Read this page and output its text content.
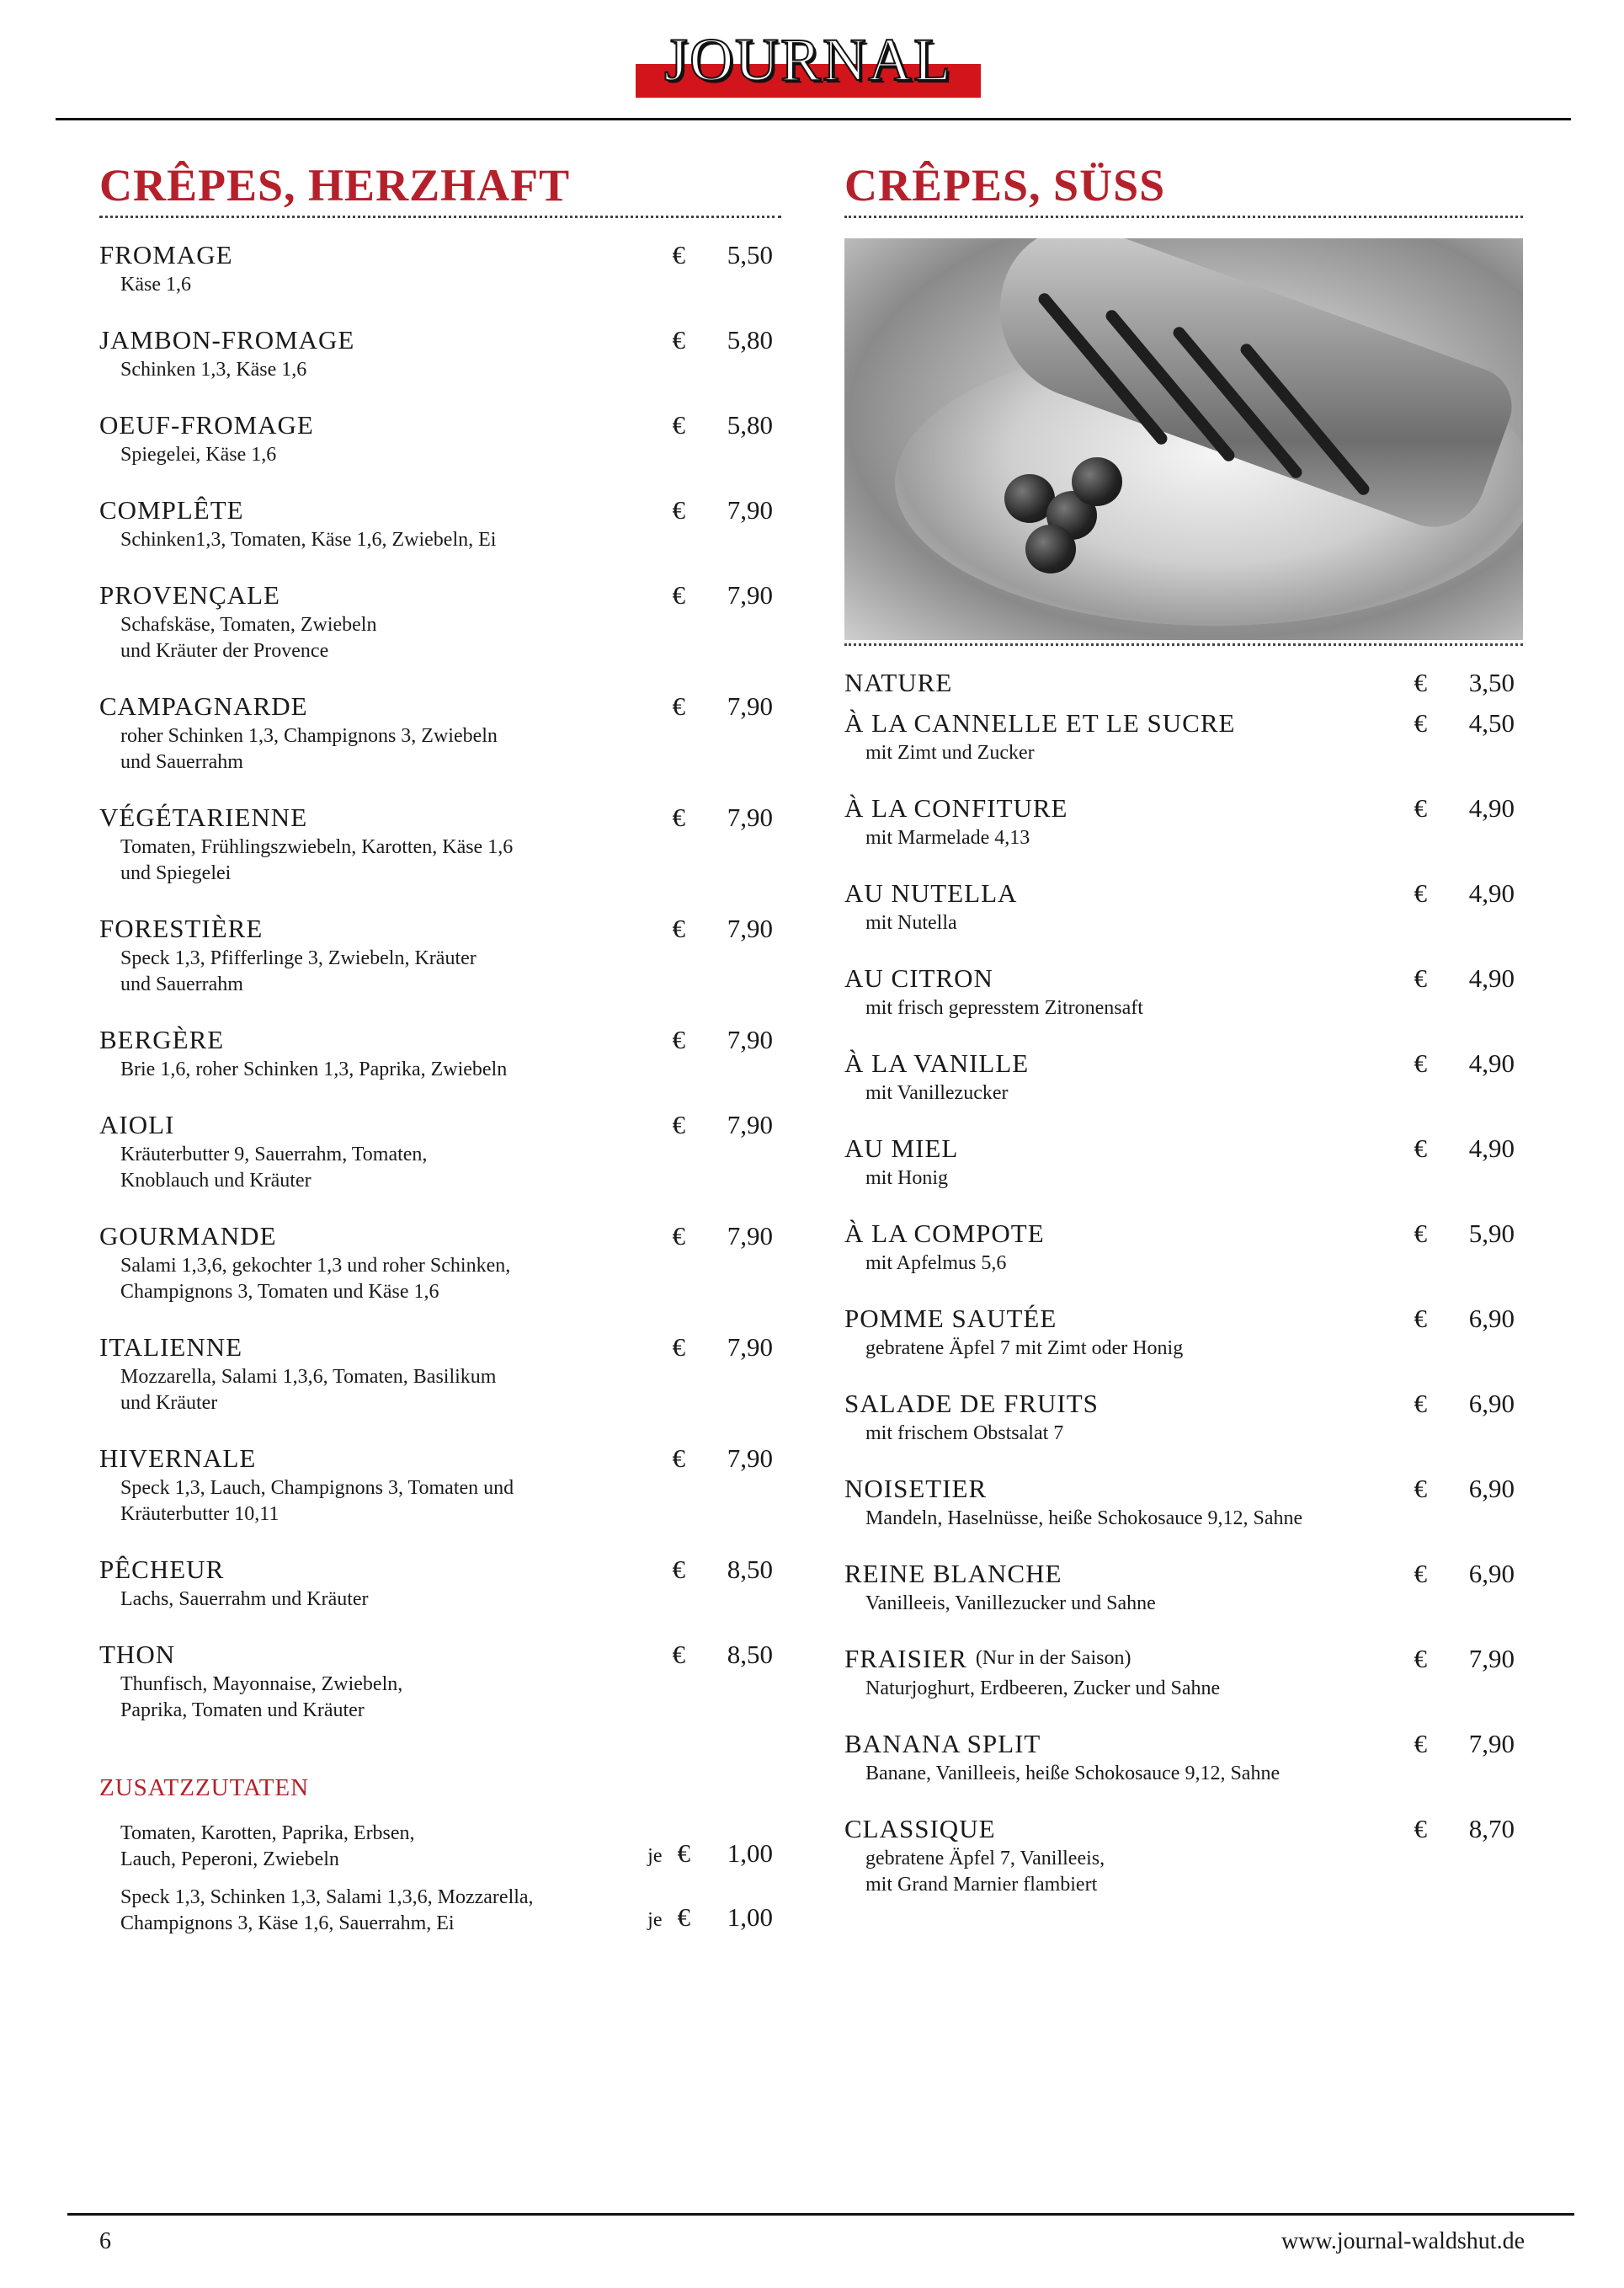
JOURNAL
CRÊPES, HERZHAFT
FROMAGE
Käse 1,6
€	5,50
JAMBON-FROMAGE
Schinken 1,3, Käse 1,6
€	5,80
OEUF-FROMAGE
Spiegelei, Käse 1,6
€	5,80
COMPLÊTE
Schinken1,3, Tomaten, Käse 1,6, Zwiebeln, Ei
€	7,90
PROVENÇALE
Schafskäse, Tomaten, Zwiebeln
und Kräuter der Provence
€	7,90
CAMPAGNARDE
roher Schinken 1,3, Champignons 3, Zwiebeln
und Sauerrahm
€	7,90
VÉGÉTARIENNE
Tomaten, Frühlingszwiebeln, Karotten, Käse 1,6
und Spiegelei
€	7,90
FORESTIÈRE
Speck 1,3, Pfifferlinge 3, Zwiebeln, Kräuter
und Sauerrahm
€	7,90
BERGÈRE
Brie 1,6, roher Schinken 1,3, Paprika, Zwiebeln
€	7,90
AIOLI
Kräuterbutter 9, Sauerrahm, Tomaten,
Knoblauch und Kräuter
€	7,90
GOURMANDE
Salami 1,3,6, gekochter 1,3 und roher Schinken,
Champignons 3, Tomaten und Käse 1,6
€	7,90
ITALIENNE
Mozzarella, Salami 1,3,6, Tomaten, Basilikum
und Kräuter
€	7,90
HIVERNALE
Speck 1,3, Lauch, Champignons 3, Tomaten und
Kräuterbutter 10,11
€	7,90
PÊCHEUR
Lachs, Sauerrahm und Kräuter
€	8,50
THON
Thunfisch, Mayonnaise, Zwiebeln,
Paprika, Tomaten und Kräuter
€	8,50
ZUSATZZUTATEN
Tomaten, Karotten, Paprika, Erbsen,
Lauch, Peperoni, Zwiebeln	je €	1,00
Speck 1,3, Schinken 1,3, Salami 1,3,6, Mozzarella,
Champignons 3, Käse 1,6, Sauerrahm, Ei	je €	1,00
CRÊPES, SÜSS
NATURE	€	3,50
À LA CANNELLE ET LE SUCRE
mit Zimt und Zucker
€	4,50
À LA CONFITURE
mit Marmelade 4,13
€	4,90
AU NUTELLA
mit Nutella
€	4,90
AU CITRON
mit frisch gepresstem Zitronensaft
€	4,90
À LA VANILLE
mit Vanillezucker
€	4,90
AU MIEL
mit Honig
€	4,90
À LA COMPOTE
mit Apfelmus 5,6
€	5,90
POMME SAUTÉE
gebratene Äpfel 7 mit Zimt oder Honig
€	6,90
SALADE DE FRUITS
mit frischem Obstsalat 7
€	6,90
NOISETIER
Mandeln, Haselnüsse, heiße Schokosauce 9,12, Sahne
€	6,90
REINE BLANCHE
Vanilleeis, Vanillezucker und Sahne
€	6,90
FRAISIER (Nur in der Saison)
Naturjoghurt, Erdbeeren, Zucker und Sahne
€	7,90
BANANA SPLIT
Banane, Vanilleeis, heiße Schokosauce 9,12, Sahne
€	7,90
CLASSIQUE
gebratene Äpfel 7, Vanilleeis,
mit Grand Marnier flambiert
€	8,70
6	www.journal-waldshut.de
